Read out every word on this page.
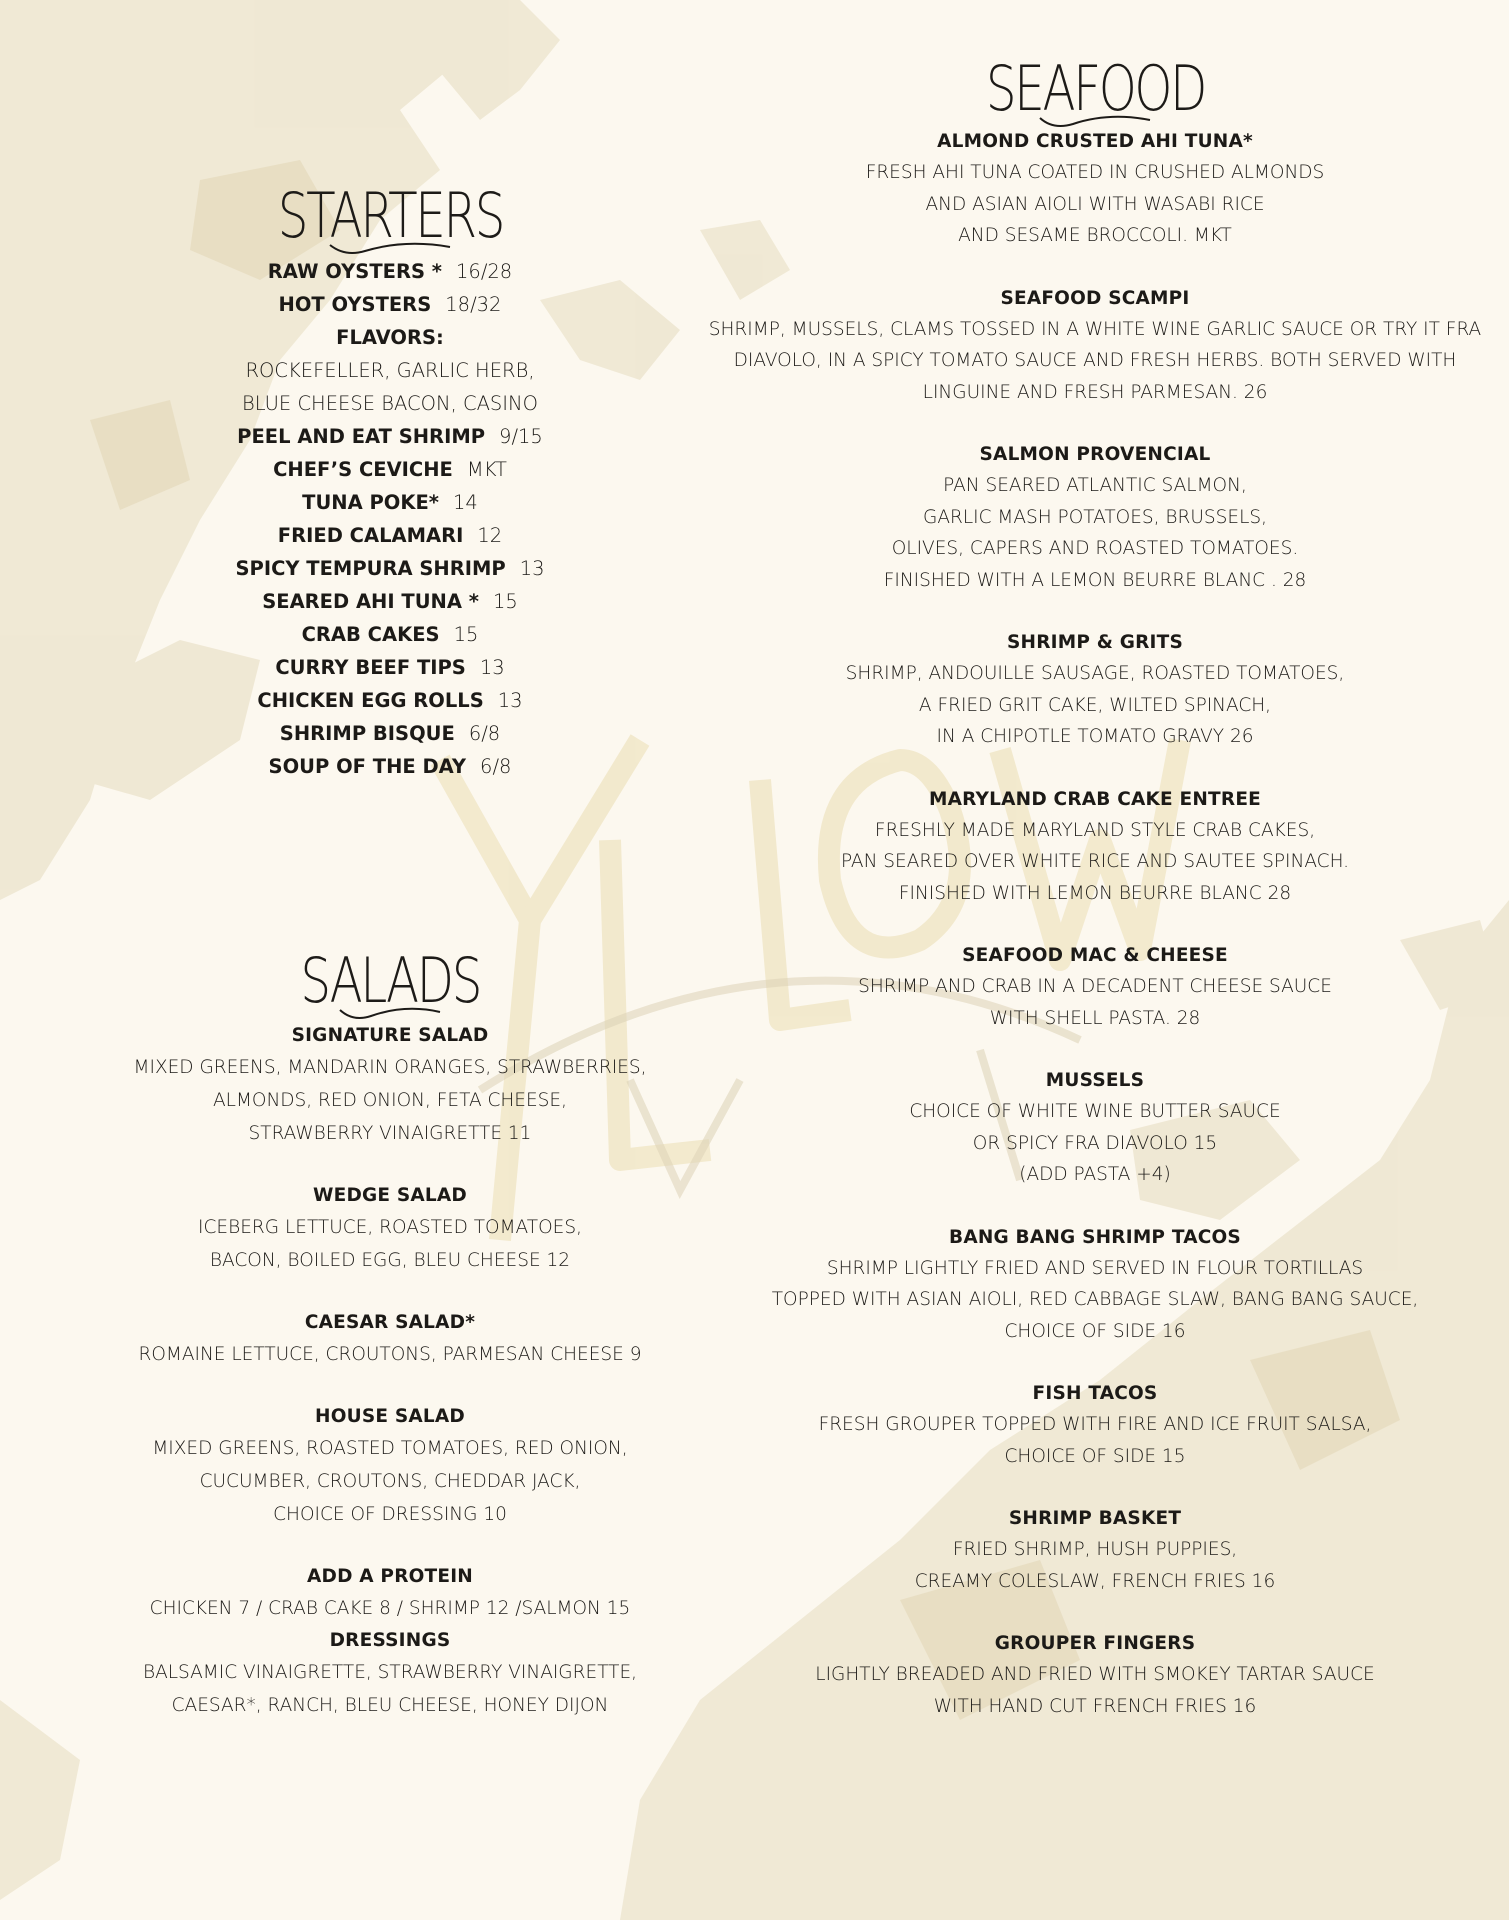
STARTERS
RAW OYSTERS * 16/28
HOT OYSTERS 18/32
FLAVORS:
ROCKEFELLER, GARLIC HERB,
BLUE CHEESE BACON, CASINO
PEEL AND EAT SHRIMP 9/15
CHEF’S CEVICHE MKT
TUNA POKE* 14
FRIED CALAMARI 12
SPICY TEMPURA SHRIMP 13
SEARED AHI TUNA * 15
CRAB CAKES 15
CURRY BEEF TIPS 13
CHICKEN EGG ROLLS 13
SHRIMP BISQUE 6/8
SOUP OF THE DAY 6/8
SALADS
SIGNATURE SALAD
MIXED GREENS, MANDARIN ORANGES, STRAWBERRIES,
ALMONDS, RED ONION, FETA CHEESE,
STRAWBERRY VINAIGRETTE 11
WEDGE SALAD
ICEBERG LETTUCE, ROASTED TOMATOES,
BACON, BOILED EGG, BLEU CHEESE 12
CAESAR SALAD*
ROMAINE LETTUCE, CROUTONS, PARMESAN CHEESE 9
HOUSE SALAD
MIXED GREENS, ROASTED TOMATOES, RED ONION,
CUCUMBER, CROUTONS, CHEDDAR JACK,
CHOICE OF DRESSING 10
ADD A PROTEIN
CHICKEN 7 / CRAB CAKE 8 / SHRIMP 12 /SALMON 15
DRESSINGS
BALSAMIC VINAIGRETTE, STRAWBERRY VINAIGRETTE,
CAESAR*, RANCH, BLEU CHEESE, HONEY DIJON
SEAFOOD
ALMOND CRUSTED AHI TUNA*
FRESH AHI TUNA COATED IN CRUSHED ALMONDS
AND ASIAN AIOLI WITH WASABI RICE
AND SESAME BROCCOLI. MKT
SEAFOOD SCAMPI
SHRIMP, MUSSELS, CLAMS TOSSED IN A WHITE WINE GARLIC SAUCE OR TRY IT FRA
DIAVOLO, IN A SPICY TOMATO SAUCE AND FRESH HERBS. BOTH SERVED WITH
LINGUINE AND FRESH PARMESAN. 26
SALMON PROVENCIAL
PAN SEARED ATLANTIC SALMON,
GARLIC MASH POTATOES, BRUSSELS,
OLIVES, CAPERS AND ROASTED TOMATOES.
FINISHED WITH A LEMON BEURRE BLANC . 28
SHRIMP & GRITS
SHRIMP, ANDOUILLE SAUSAGE, ROASTED TOMATOES,
A FRIED GRIT CAKE, WILTED SPINACH,
IN A CHIPOTLE TOMATO GRAVY 26
MARYLAND CRAB CAKE ENTREE
FRESHLY MADE MARYLAND STYLE CRAB CAKES,
PAN SEARED OVER WHITE RICE AND SAUTEE SPINACH.
FINISHED WITH LEMON BEURRE BLANC 28
SEAFOOD MAC & CHEESE
SHRIMP AND CRAB IN A DECADENT CHEESE SAUCE
WITH SHELL PASTA. 28
MUSSELS
CHOICE OF WHITE WINE BUTTER SAUCE
OR SPICY FRA DIAVOLO 15
(ADD PASTA +4)
BANG BANG SHRIMP TACOS
SHRIMP LIGHTLY FRIED AND SERVED IN FLOUR TORTILLAS
TOPPED WITH ASIAN AIOLI, RED CABBAGE SLAW, BANG BANG SAUCE,
CHOICE OF SIDE 16
FISH TACOS
FRESH GROUPER TOPPED WITH FIRE AND ICE FRUIT SALSA,
CHOICE OF SIDE 15
SHRIMP BASKET
FRIED SHRIMP, HUSH PUPPIES,
CREAMY COLESLAW, FRENCH FRIES 16
GROUPER FINGERS
LIGHTLY BREADED AND FRIED WITH SMOKEY TARTAR SAUCE
WITH HAND CUT FRENCH FRIES 16
